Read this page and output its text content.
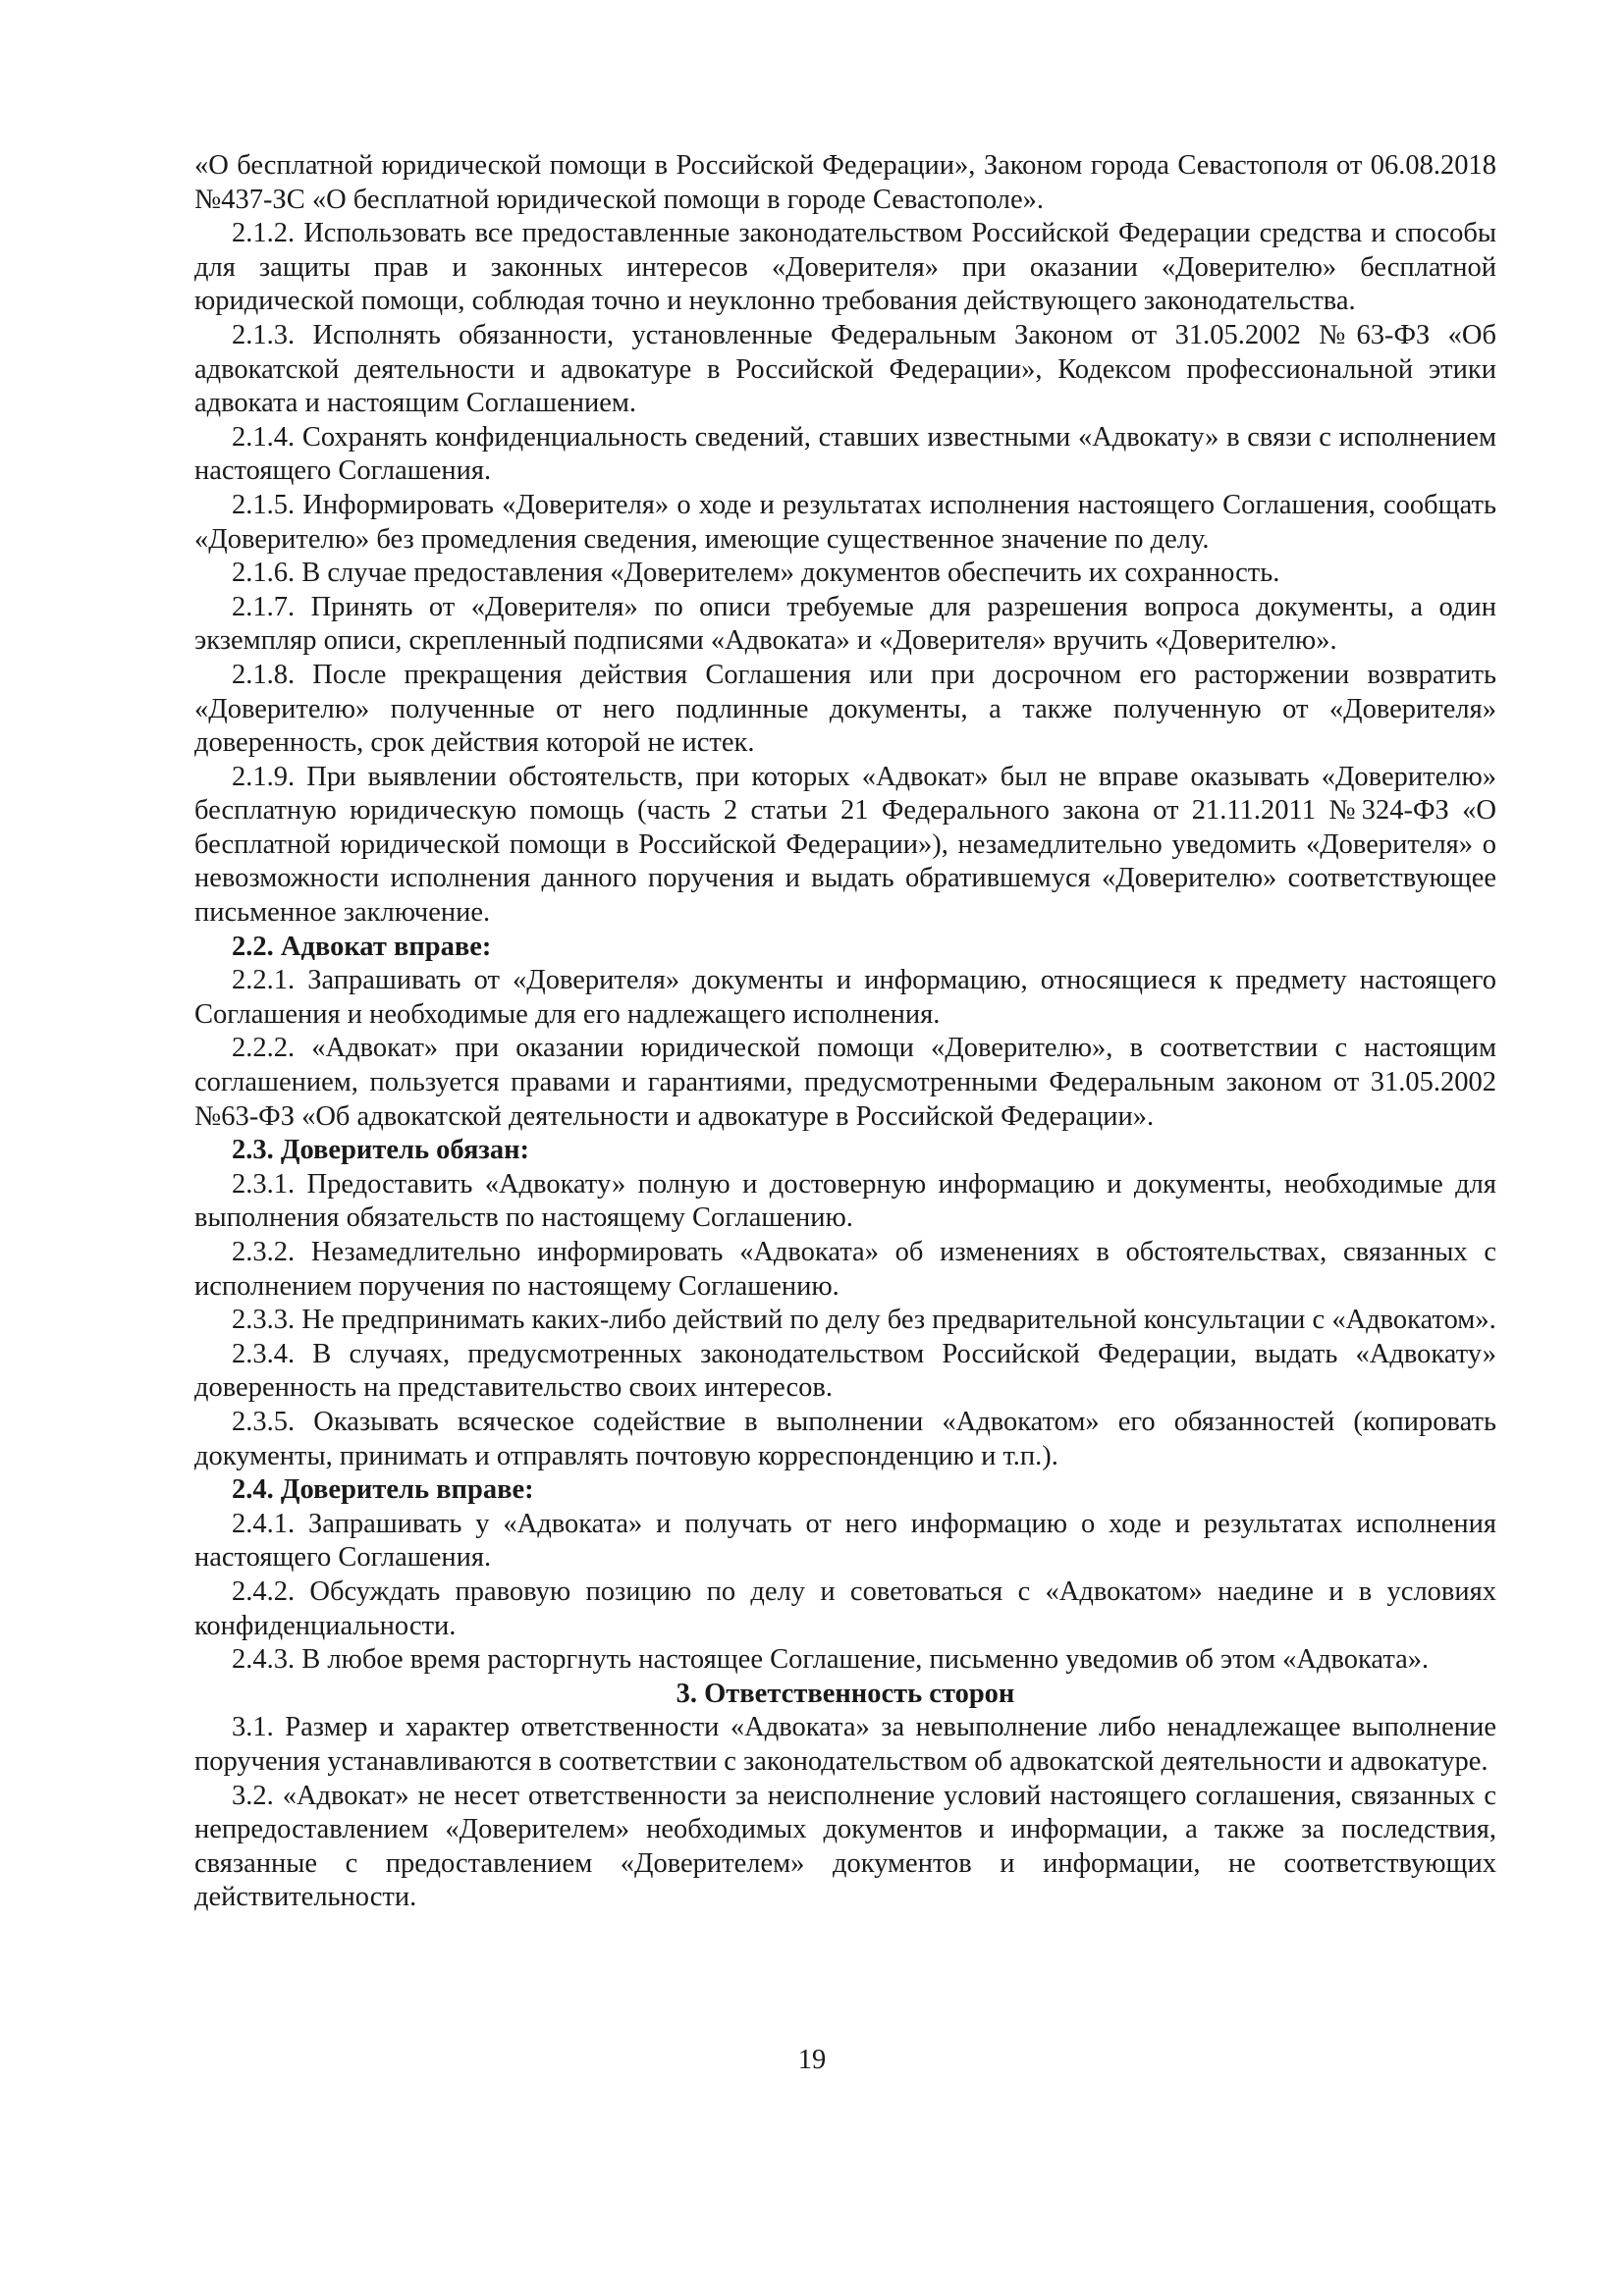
«О бесплатной юридической помощи в Российской Федерации», Законом города Севастополя от 06.08.2018 №437-ЗС «О бесплатной юридической помощи в городе Севастополе».

2.1.2. Использовать все предоставленные законодательством Российской Федерации средства и способы для защиты прав и законных интересов «Доверителя» при оказании «Доверителю» бесплатной юридической помощи, соблюдая точно и неуклонно требования действующего законодательства.

2.1.3. Исполнять обязанности, установленные Федеральным Законом от 31.05.2002 №63-ФЗ «Об адвокатской деятельности и адвокатуре в Российской Федерации», Кодексом профессиональной этики адвоката и настоящим Соглашением.

2.1.4. Сохранять конфиденциальность сведений, ставших известными «Адвокату» в связи с исполнением настоящего Соглашения.

2.1.5. Информировать «Доверителя» о ходе и результатах исполнения настоящего Соглашения, сообщать «Доверителю» без промедления сведения, имеющие существенное значение по делу.

2.1.6. В случае предоставления «Доверителем» документов обеспечить их сохранность.

2.1.7. Принять от «Доверителя» по описи требуемые для разрешения вопроса документы, а один экземпляр описи, скрепленный подписями «Адвоката» и «Доверителя» вручить «Доверителю».

2.1.8. После прекращения действия Соглашения или при досрочном его расторжении возвратить «Доверителю» полученные от него подлинные документы, а также полученную от «Доверителя» доверенность, срок действия которой не истек.

2.1.9. При выявлении обстоятельств, при которых «Адвокат» был не вправе оказывать «Доверителю» бесплатную юридическую помощь (часть 2 статьи 21 Федерального закона от 21.11.2011 №324-ФЗ «О бесплатной юридической помощи в Российской Федерации»), незамедлительно уведомить «Доверителя» о невозможности исполнения данного поручения и выдать обратившемуся «Доверителю» соответствующее письменное заключение.

2.2. Адвокат вправе:

2.2.1. Запрашивать от «Доверителя» документы и информацию, относящиеся к предмету настоящего Соглашения и необходимые для его надлежащего исполнения.

2.2.2. «Адвокат» при оказании юридической помощи «Доверителю», в соответствии с настоящим соглашением, пользуется правами и гарантиями, предусмотренными Федеральным законом от 31.05.2002 №63-ФЗ «Об адвокатской деятельности и адвокатуре в Российской Федерации».

2.3. Доверитель обязан:

2.3.1. Предоставить «Адвокату» полную и достоверную информацию и документы, необходимые для выполнения обязательств по настоящему Соглашению.

2.3.2. Незамедлительно информировать «Адвоката» об изменениях в обстоятельствах, связанных с исполнением поручения по настоящему Соглашению.

2.3.3. Не предпринимать каких-либо действий по делу без предварительной консультации с «Адвокатом».

2.3.4. В случаях, предусмотренных законодательством Российской Федерации, выдать «Адвокату» доверенность на представительство своих интересов.

2.3.5. Оказывать всяческое содействие в выполнении «Адвокатом» его обязанностей (копировать документы, принимать и отправлять почтовую корреспонденцию и т.п.).

2.4. Доверитель вправе:

2.4.1. Запрашивать у «Адвоката» и получать от него информацию о ходе и результатах исполнения настоящего Соглашения.

2.4.2. Обсуждать правовую позицию по делу и советоваться с «Адвокатом» наедине и в условиях конфиденциальности.

2.4.3. В любое время расторгнуть настоящее Соглашение, письменно уведомив об этом «Адвоката».

3. Ответственность сторон

3.1. Размер и характер ответственности «Адвоката» за невыполнение либо ненадлежащее выполнение поручения устанавливаются в соответствии с законодательством об адвокатской деятельности и адвокатуре.

3.2. «Адвокат» не несет ответственности за неисполнение условий настоящего соглашения, связанных с непредоставлением «Доверителем» необходимых документов и информации, а также за последствия, связанные с предоставлением «Доверителем» документов и информации, не соответствующих действительности.

19
